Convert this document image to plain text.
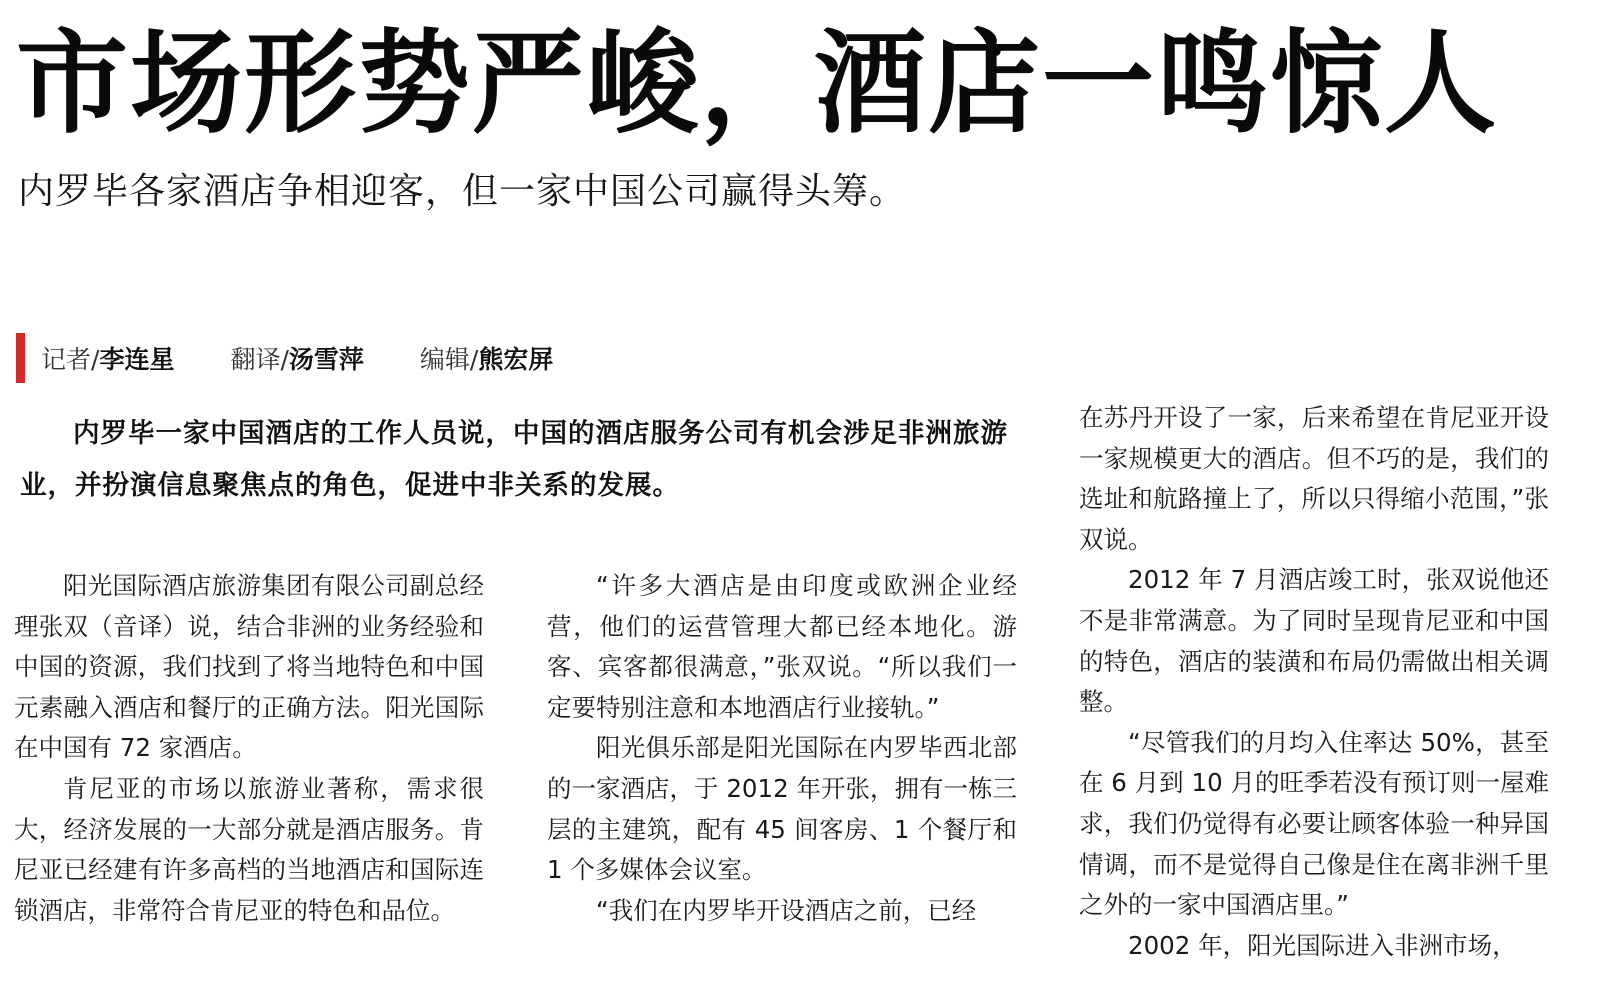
市场形势严峻，酒店一鸣惊人
内罗毕各家酒店争相迎客，但一家中国公司赢得头筹。
记者/李连星 翻译/汤雪萍 编辑/熊宏屏

内罗毕一家中国酒店的工作人员说，中国的酒店服务公司有机会涉足非洲旅游业，并扮演信息聚焦点的角色，促进中非关系的发展。

阳光国际酒店旅游集团有限公司副总经理张双（音译）说，结合非洲的业务经验和中国的资源，我们找到了将当地特色和中国元素融入酒店和餐厅的正确方法。阳光国际在中国有 72 家酒店。

肯尼亚的市场以旅游业著称，需求很大，经济发展的一大部分就是酒店服务。肯尼亚已经建有许多高档的当地酒店和国际连锁酒店，非常符合肯尼亚的特色和品位。

“许多大酒店是由印度或欧洲企业经营，他们的运营管理大都已经本地化。游客、宾客都很满意，”张双说。“所以我们一定要特别注意和本地酒店行业接轨。”

阳光俱乐部是阳光国际在内罗毕西北部的一家酒店，于 2012 年开张，拥有一栋三层的主建筑，配有 45 间客房、1 个餐厅和 1 个多媒体会议室。

“我们在内罗毕开设酒店之前，已经

在苏丹开设了一家，后来希望在肯尼亚开设一家规模更大的酒店。但不巧的是，我们的选址和航路撞上了，所以只得缩小范围，”张双说。

2012 年 7 月酒店竣工时，张双说他还不是非常满意。为了同时呈现肯尼亚和中国的特色，酒店的装潢和布局仍需做出相关调整。

“尽管我们的月均入住率达 50%，甚至在 6 月到 10 月的旺季若没有预订则一屋难求，我们仍觉得有必要让顾客体验一种异国情调，而不是觉得自己像是住在离非洲千里之外的一家中国酒店里。”

2002 年，阳光国际进入非洲市场，
